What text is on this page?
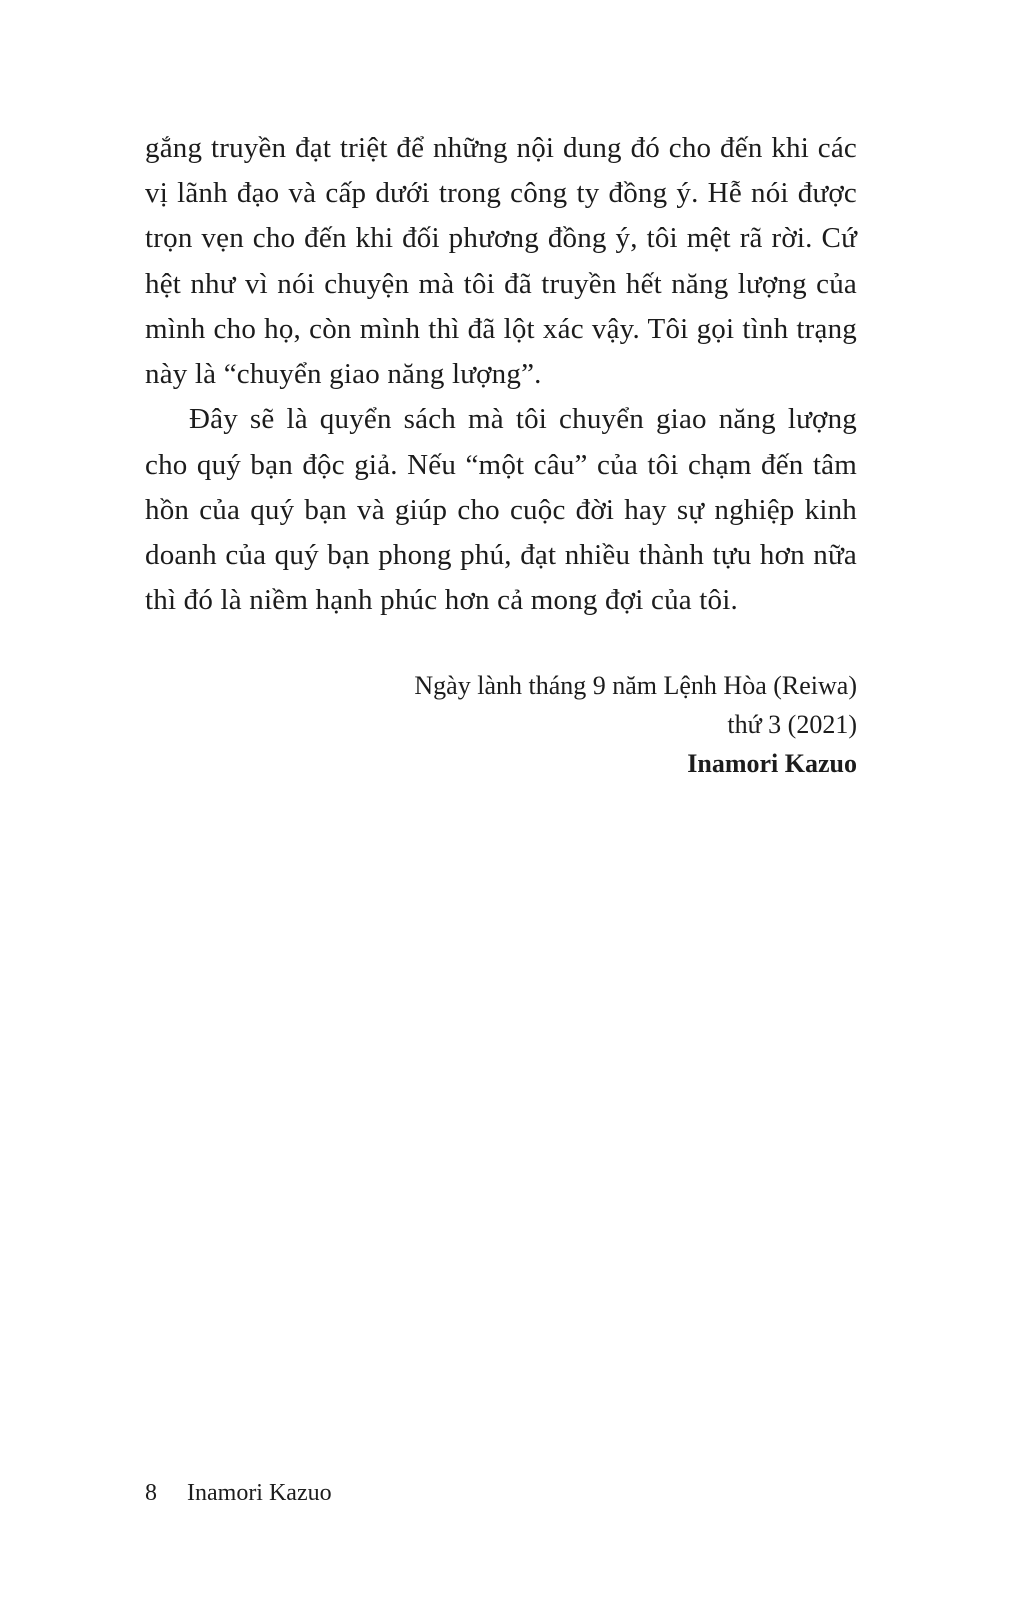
gắng truyền đạt triệt để những nội dung đó cho đến khi các vị lãnh đạo và cấp dưới trong công ty đồng ý. Hễ nói được trọn vẹn cho đến khi đối phương đồng ý, tôi mệt rã rời. Cứ hệt như vì nói chuyện mà tôi đã truyền hết năng lượng của mình cho họ, còn mình thì đã lột xác vậy. Tôi gọi tình trạng này là “chuyển giao năng lượng”.

Đây sẽ là quyển sách mà tôi chuyển giao năng lượng cho quý bạn độc giả. Nếu “một câu” của tôi chạm đến tâm hồn của quý bạn và giúp cho cuộc đời hay sự nghiệp kinh doanh của quý bạn phong phú, đạt nhiều thành tựu hơn nữa thì đó là niềm hạnh phúc hơn cả mong đợi của tôi.

Ngày lành tháng 9 năm Lệnh Hòa (Reiwa)

thứ 3 (2021)

Inamori Kazuo

8 Inamori Kazuo
